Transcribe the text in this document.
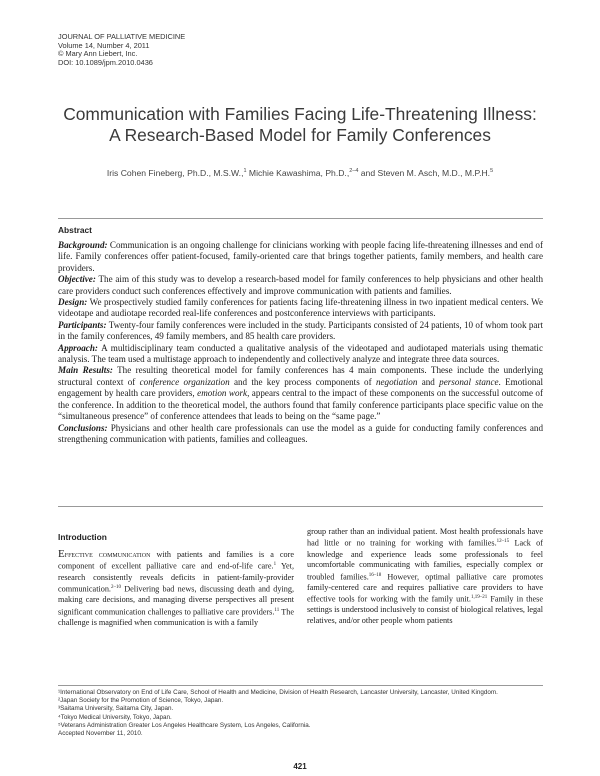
JOURNAL OF PALLIATIVE MEDICINE
Volume 14, Number 4, 2011
© Mary Ann Liebert, Inc.
DOI: 10.1089/jpm.2010.0436
Communication with Families Facing Life-Threatening Illness:
A Research-Based Model for Family Conferences
Iris Cohen Fineberg, Ph.D., M.S.W.,$^1$ Michie Kawashima, Ph.D.,$^{2-4}$ and Steven M. Asch, M.D., M.P.H.$^5$
Abstract

Background: Communication is an ongoing challenge for clinicians working with people facing life-threatening illnesses and end of life. Family conferences offer patient-focused, family-oriented care that brings together patients, family members, and health care providers.

Objective: The aim of this study was to develop a research-based model for family conferences to help physicians and other health care providers conduct such conferences effectively and improve communication with patients and families.

Design: We prospectively studied family conferences for patients facing life-threatening illness in two inpatient medical centers. We videotape and audiotape recorded real-life conferences and postconference interviews with participants.

Participants: Twenty-four family conferences were included in the study. Participants consisted of 24 patients, 10 of whom took part in the family conferences, 49 family members, and 85 health care providers.

Approach: A multidisciplinary team conducted a qualitative analysis of the videotaped and audiotaped materials using thematic analysis. The team used a multistage approach to independently and collectively analyze and integrate three data sources.

Main Results: The resulting theoretical model for family conferences has 4 main components. These include the underlying structural context of conference organization and the key process components of negotiation and personal stance. Emotional engagement by health care providers, emotion work, appears central to the impact of these components on the successful outcome of the conference. In addition to the theoretical model, the authors found that family conference participants place specific value on the “simultaneous presence” of conference attendees that leads to being on the “same page.”

Conclusions: Physicians and other health care professionals can use the model as a guide for conducting family conferences and strengthening communication with patients, families and colleagues.

Introduction

Effective communication with patients and families is a core component of excellent palliative care and end-of-life care.$^1$ Yet, research consistently reveals deficits in patient-family-provider communication.$^{2-10}$ Delivering bad news, discussing death and dying, making care decisions, and managing diverse perspectives all present significant communication challenges to palliative care providers.$^{11}$ The challenge is magnified when communication is with a family

group rather than an individual patient. Most health professionals have had little or no training for working with families.$^{12-15}$ Lack of knowledge and experience leads some professionals to feel uncomfortable communicating with families, especially complex or troubled families.$^{16-18}$ However, optimal palliative care promotes family-centered care and requires palliative care providers to have effective tools for working with the family unit.$^{1,19-21}$ Family in these settings is understood inclusively to consist of biological relatives, legal relatives, and/or other people whom patients

¹International Observatory on End of Life Care, School of Health and Medicine, Division of Health Research, Lancaster University, Lancaster, United Kingdom.
²Japan Society for the Promotion of Science, Tokyo, Japan.
³Saitama University, Saitama City, Japan.
⁴Tokyo Medical University, Tokyo, Japan.
⁵Veterans Administration Greater Los Angeles Healthcare System, Los Angeles, California.
Accepted November 11, 2010.
421
